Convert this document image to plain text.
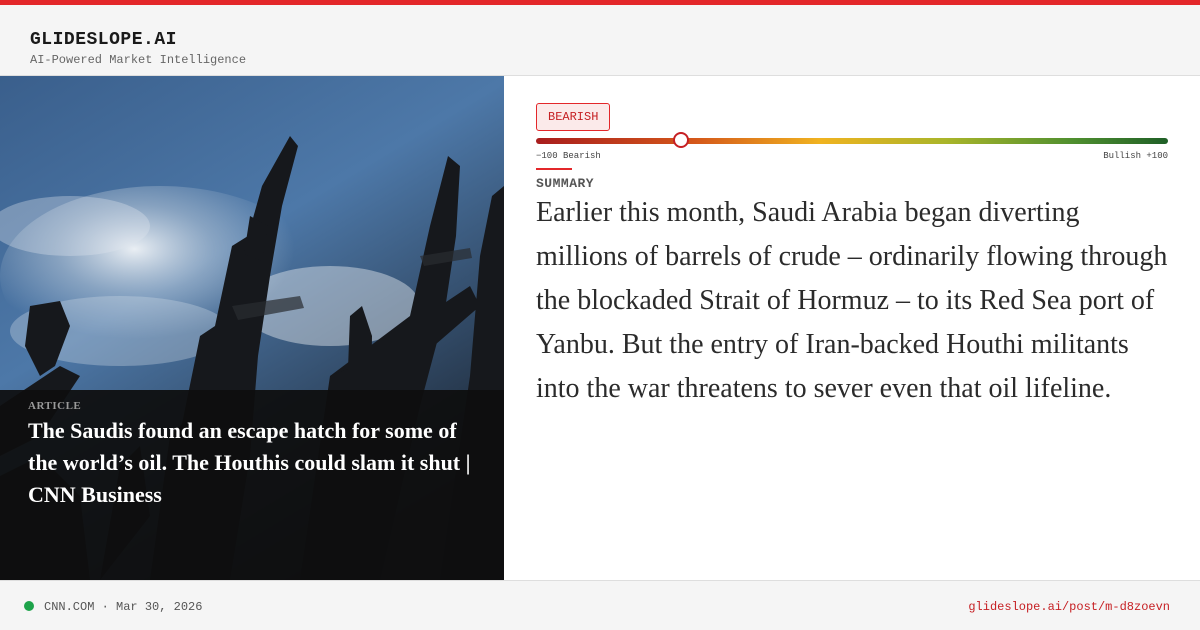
GLIDESLOPE.AI
AI-Powered Market Intelligence
ARTICLE
The Saudis found an escape hatch for some of the world’s oil. The Houthis could slam it shut | CNN Business
BEARISH
−100 Bearish	Bullish +100
SUMMARY
Earlier this month, Saudi Arabia began diverting millions of barrels of crude – ordinarily flowing through the blockaded Strait of Hormuz – to its Red Sea port of Yanbu. But the entry of Iran-backed Houthi militants into the war threatens to sever even that oil lifeline.
CNN.COM · Mar 30, 2026	glideslope.ai/post/m-d8zoevn
